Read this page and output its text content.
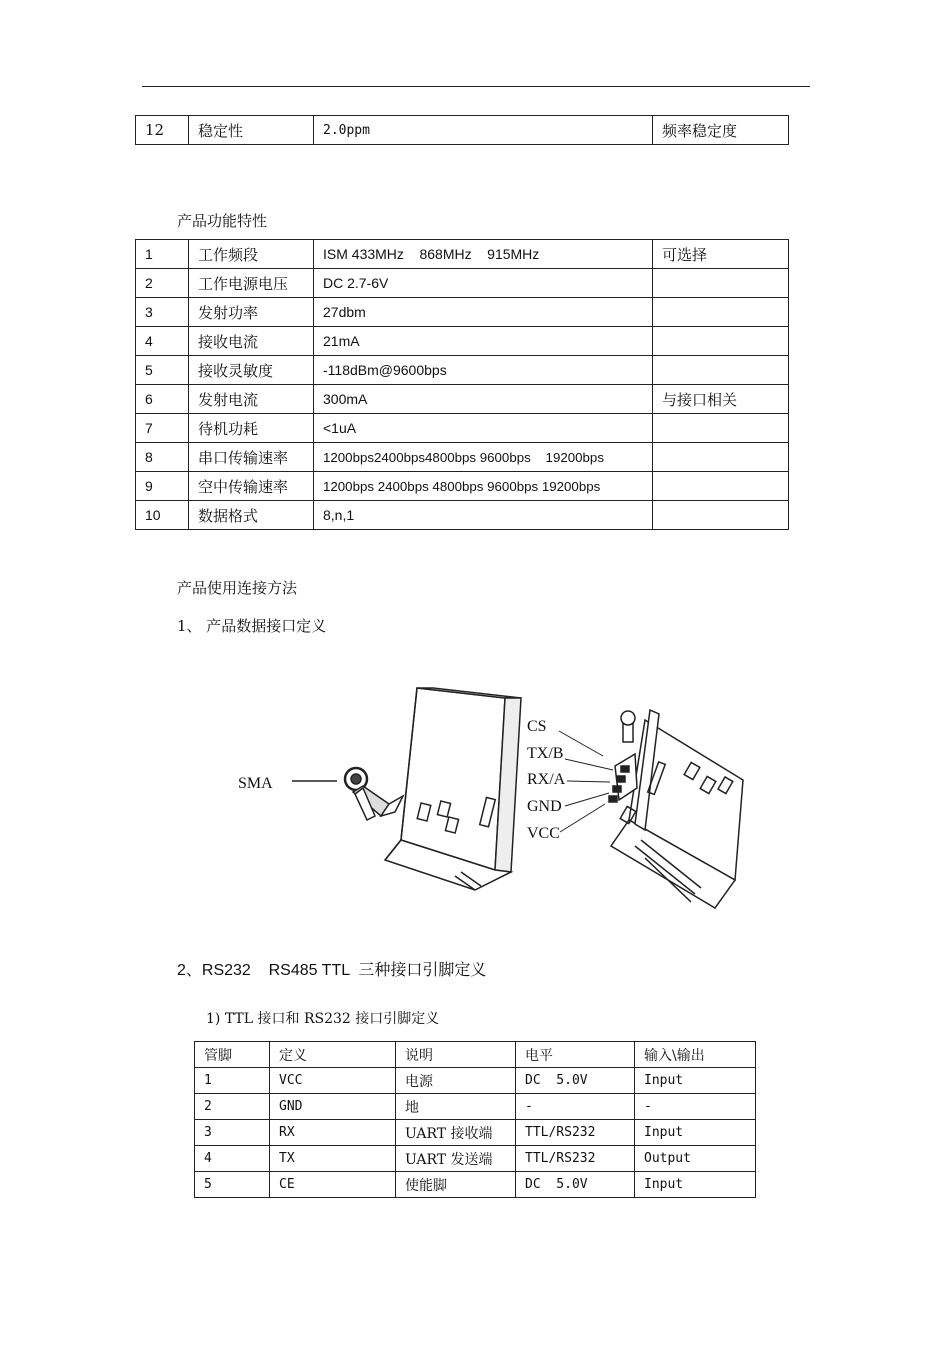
12	稳定性	2.0ppm	频率稳定度
产品功能特性
1	工作频段	ISM 433MHz    868MHz    915MHz	可选择
2	工作电源电压	DC 2.7-6V	
3	发射功率	27dbm	
4	接收电流	21mA	
5	接收灵敏度	-118dBm@9600bps	
6	发射电流	300mA	与接口相关
7	待机功耗	<1uA	
8	串口传输速率	1200bps2400bps4800bps 9600bps    19200bps	
9	空中传输速率	1200bps 2400bps 4800bps 9600bps 19200bps	
10	数据格式	8,n,1	
产品使用连接方法
1、 产品数据接口定义
SMA
CS
TX/B
RX/A
GND
VCC
2、RS232    RS485 TTL  三种接口引脚定义
1) TTL 接口和 RS232 接口引脚定义
管脚	定义	说明	电平	输入\输出
1	VCC	电源	DC  5.0V	Input
2	GND	地	-	-
3	RX	UART 接收端	TTL/RS232	Input
4	TX	UART 发送端	TTL/RS232	Output
5	CE	使能脚	DC  5.0V	Input
